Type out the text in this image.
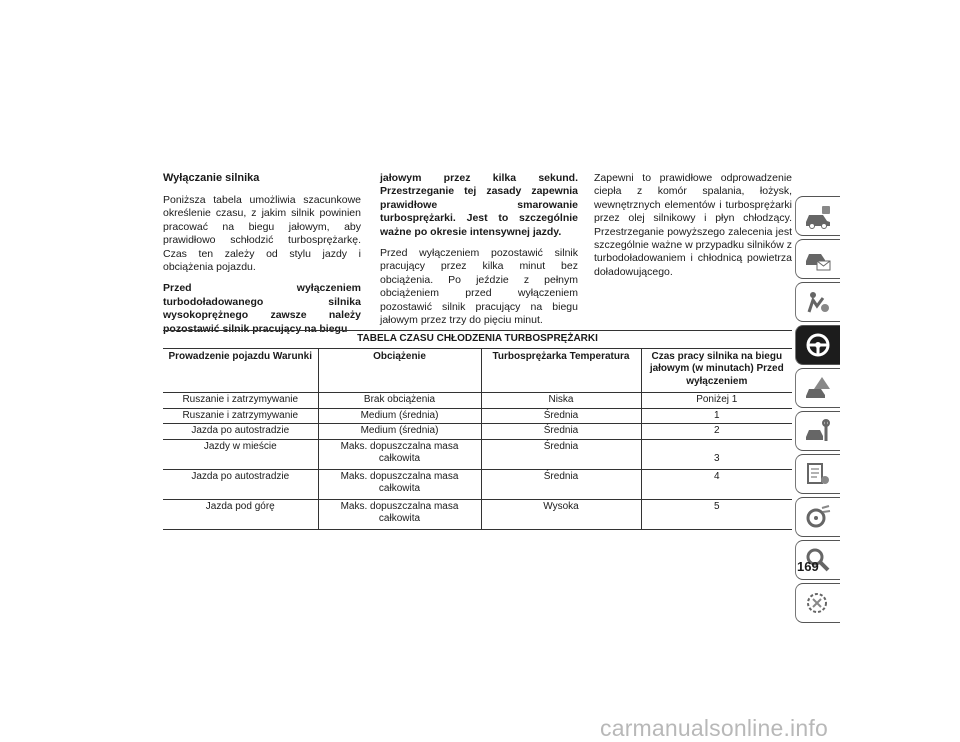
Wyłączanie silnika

Poniższa tabela umożliwia szacunkowe określenie czasu, z jakim silnik powinien pracować na biegu jałowym, aby prawidłowo schłodzić turbosprężarkę. Czas ten zależy od stylu jazdy i obciążenia pojazdu.

Przed wyłączeniem turbodoładowanego silnika wysokoprężnego zawsze należy pozostawić silnik pracujący na biegu

jałowym przez kilka sekund. Przestrzeganie tej zasady zapewnia prawidłowe smarowanie turbosprężarki. Jest to szczególnie ważne po okresie intensywnej jazdy.

Przed wyłączeniem pozostawić silnik pracujący przez kilka minut bez obciążenia. Po jeździe z pełnym obciążeniem przed wyłączeniem pozostawić silnik pracujący na biegu jałowym przez trzy do pięciu minut.

Zapewni to prawidłowe odprowadzenie ciepła z komór spalania, łożysk, wewnętrznych elementów i turbosprężarki przez olej silnikowy i płyn chłodzący. Przestrzeganie powyższego zalecenia jest szczególnie ważne w przypadku silników z turbodoładowaniem i chłodnicą powietrza doładowującego.

TABELA CZASU CHŁODZENIA TURBOSPRĘŻARKI			
Prowadzenie pojazdu Warunki	Obciążenie	Turbosprężarka Temperatura	Czas pracy silnika na biegu jałowym (w minutach) Przed wyłączeniem
Ruszanie i zatrzymywanie	Brak obciążenia	Niska	Poniżej 1
Ruszanie i zatrzymywanie	Medium (średnia)	Średnia	1
Jazda po autostradzie	Medium (średnia)	Średnia	2
Jazdy w mieście	Maks. dopuszczalna masa całkowita	Średnia	3
Jazda po autostradzie	Maks. dopuszczalna masa całkowita	Średnia	4
Jazda pod górę	Maks. dopuszczalna masa całkowita	Wysoka	5
169
carmanualsonline.info
